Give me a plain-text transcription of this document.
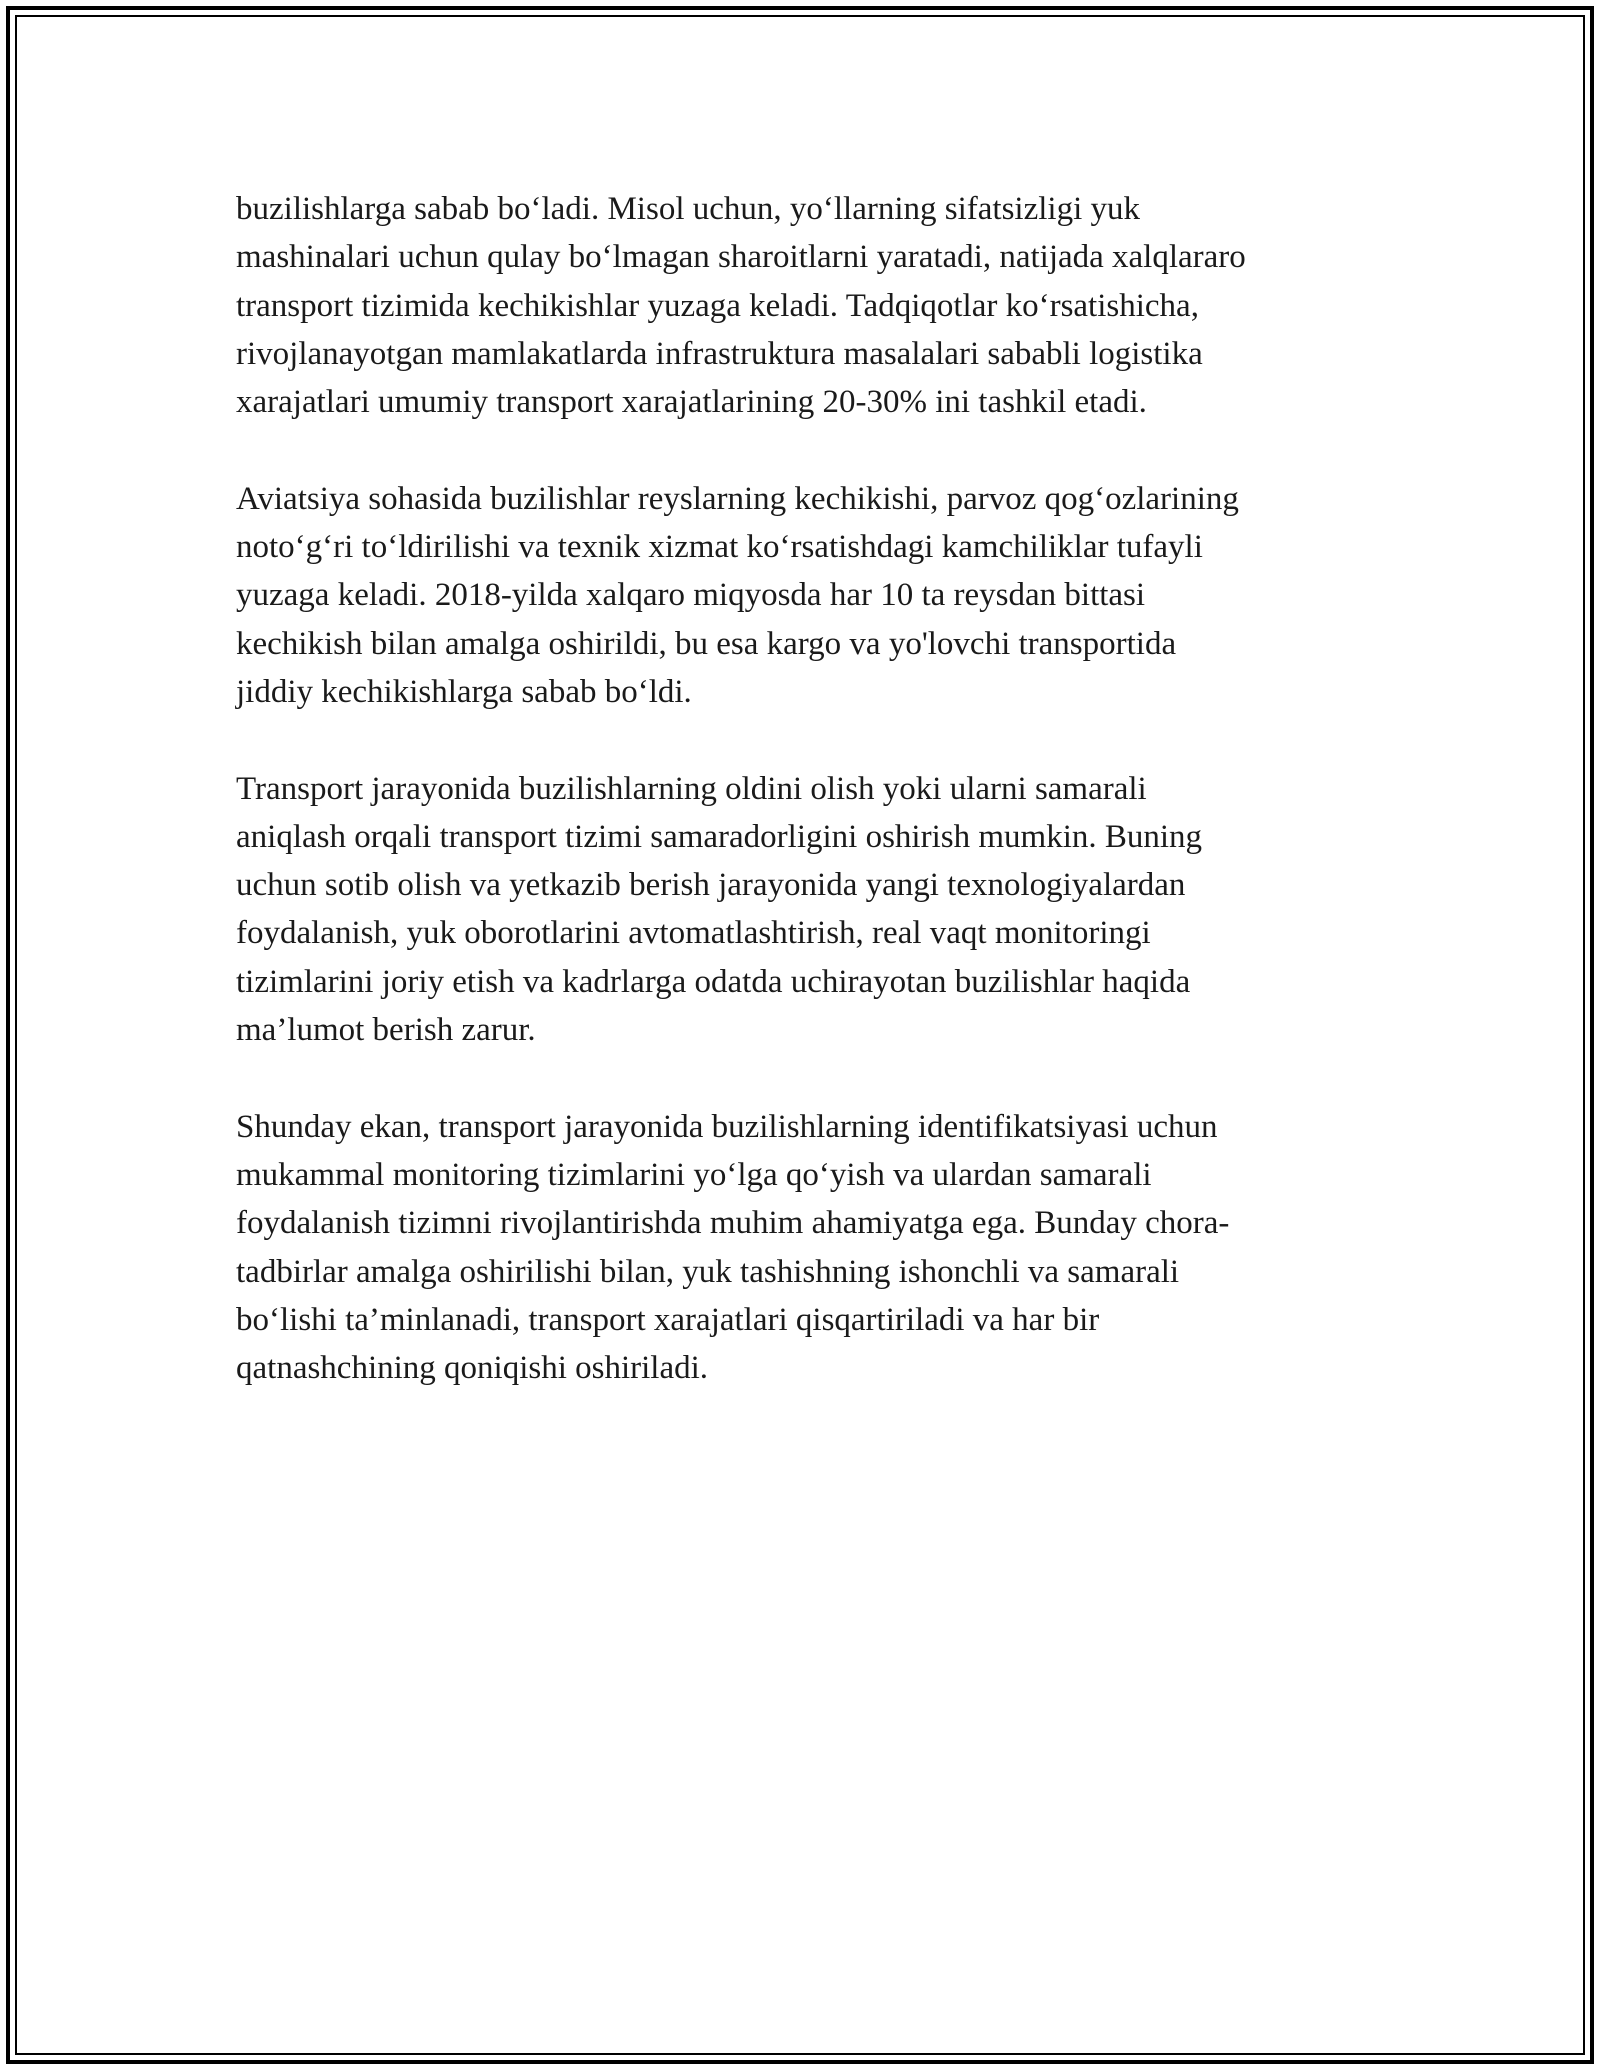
buzilishlarga sabab bo‘ladi. Misol uchun, yo‘llarning sifatsizligi yuk
mashinalari uchun qulay bo‘lmagan sharoitlarni yaratadi, natijada xalqlararo
transport tizimida kechikishlar yuzaga keladi. Tadqiqotlar ko‘rsatishicha,
rivojlanayotgan mamlakatlarda infrastruktura masalalari sababli logistika
xarajatlari umumiy transport xarajatlarining 20-30% ini tashkil etadi.

Aviatsiya sohasida buzilishlar reyslarning kechikishi, parvoz qog‘ozlarining
noto‘g‘ri to‘ldirilishi va texnik xizmat ko‘rsatishdagi kamchiliklar tufayli
yuzaga keladi. 2018-yilda xalqaro miqyosda har 10 ta reysdan bittasi
kechikish bilan amalga oshirildi, bu esa kargo va yo'lovchi transportida
jiddiy kechikishlarga sabab bo‘ldi.

Transport jarayonida buzilishlarning oldini olish yoki ularni samarali
aniqlash orqali transport tizimi samaradorligini oshirish mumkin. Buning
uchun sotib olish va yetkazib berish jarayonida yangi texnologiyalardan
foydalanish, yuk oborotlarini avtomatlashtirish, real vaqt monitoringi
tizimlarini joriy etish va kadrlarga odatda uchirayotan buzilishlar haqida
ma’lumot berish zarur.

Shunday ekan, transport jarayonida buzilishlarning identifikatsiyasi uchun
mukammal monitoring tizimlarini yo‘lga qo‘yish va ulardan samarali
foydalanish tizimni rivojlantirishda muhim ahamiyatga ega. Bunday chora-
tadbirlar amalga oshirilishi bilan, yuk tashishning ishonchli va samarali
bo‘lishi ta’minlanadi, transport xarajatlari qisqartiriladi va har bir
qatnashchining qoniqishi oshiriladi.
